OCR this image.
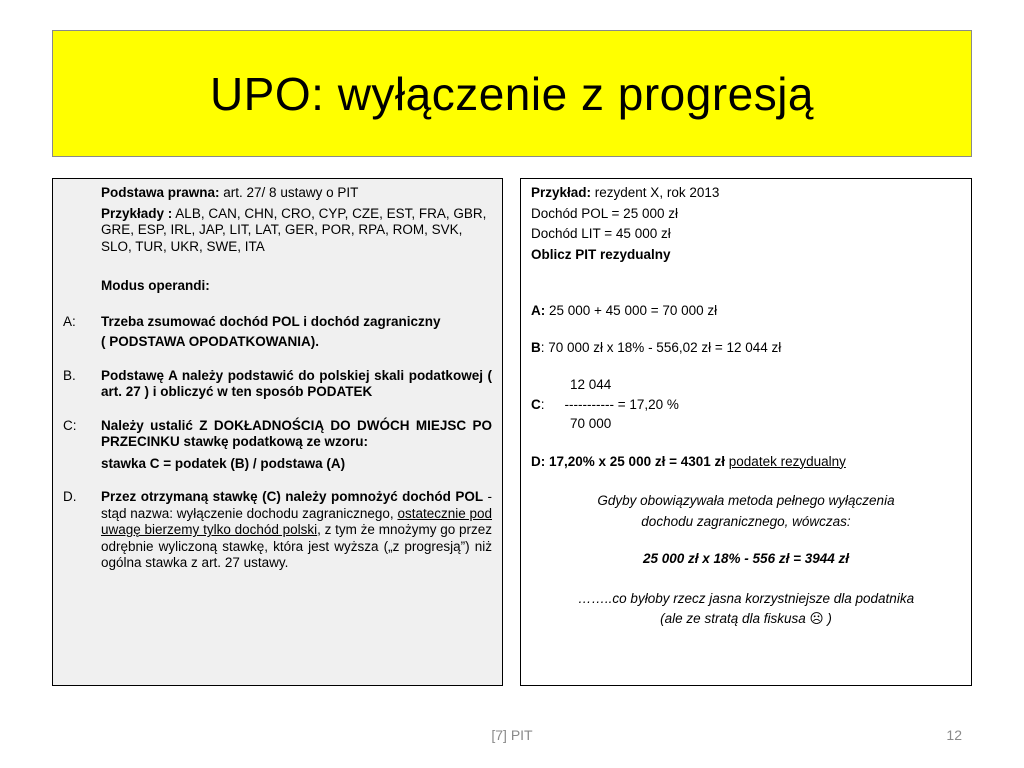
UPO: wyłączenie z progresją
Podstawa prawna: art. 27/ 8 ustawy o PIT
Przykłady : ALB, CAN, CHN, CRO, CYP, CZE, EST, FRA, GBR, GRE, ESP, IRL, JAP, LIT, LAT, GER, POR, RPA, ROM, SVK, SLO, TUR, UKR, SWE, ITA
Modus operandi:
A:	Trzeba zsumować dochód POL i dochód zagraniczny
( PODSTAWA OPODATKOWANIA).
B.	Podstawę A należy podstawić do polskiej skali podatkowej ( art. 27 ) i obliczyć w ten sposób PODATEK
C:	Należy ustalić Z DOKŁADNOŚCIĄ DO DWÓCH MIEJSC PO PRZECINKU stawkę podatkową ze wzoru:
stawka C = podatek (B) / podstawa (A)
D.	Przez otrzymaną stawkę (C) należy pomnożyć dochód POL - stąd nazwa: wyłączenie dochodu zagranicznego, ostatecznie pod uwagę bierzemy tylko dochód polski, z tym że mnożymy go przez odrębnie wyliczoną stawkę, która jest wyższa („z progresją”) niż ogólna stawka z art. 27 ustawy.
Przykład: rezydent X, rok 2013
Dochód POL = 25 000 zł
Dochód LIT = 45 000 zł
Oblicz PIT rezydualny
A: 25 000 + 45 000 = 70 000 zł
B: 70 000 zł x 18% - 556,02 zł = 12 044 zł
12 044
C: ----------- = 17,20 %
70 000
D: 17,20% x 25 000 zł = 4301 zł podatek rezydualny
Gdyby obowiązywała metoda pełnego wyłączenia
dochodu zagranicznego, wówczas:
25 000 zł x 18% - 556 zł = 3944 zł
……..co byłoby rzecz jasna korzystniejsze dla podatnika
(ale ze stratą dla fiskusa ☹ )
[7] PIT	12
